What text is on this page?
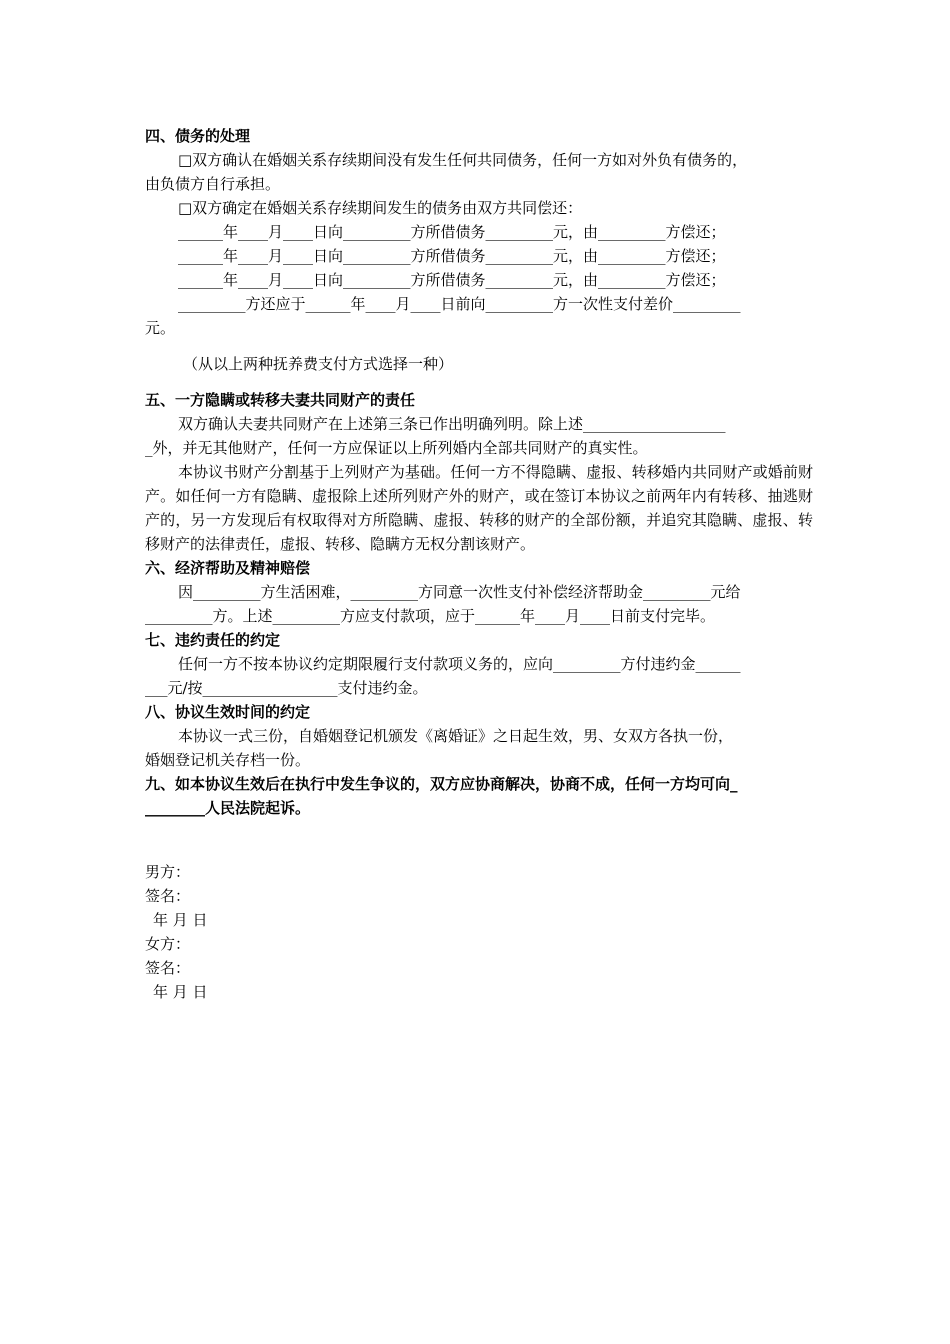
四、债务的处理
□双方确认在婚姻关系存续期间没有发生任何共同债务，任何一方如对外负有债务的，
由负债方自行承担。
□双方确定在婚姻关系存续期间发生的债务由双方共同偿还：
______年____月____日向_________方所借债务_________元，由_________方偿还；
______年____月____日向_________方所借债务_________元，由_________方偿还；
______年____月____日向_________方所借债务_________元，由_________方偿还；
_________方还应于______年____月____日前向_________方一次性支付差价_________
元。
（从以上两种抚养费支付方式选择一种）
五、一方隐瞒或转移夫妻共同财产的责任
双方确认夫妻共同财产在上述第三条已作出明确列明。除上述___________________
_外，并无其他财产，任何一方应保证以上所列婚内全部共同财产的真实性。
本协议书财产分割基于上列财产为基础。任何一方不得隐瞒、虚报、转移婚内共同财产或婚前财产。如任何一方有隐瞒、虚报除上述所列财产外的财产，或在签订本协议之前两年内有转移、抽逃财产的，另一方发现后有权取得对方所隐瞒、虚报、转移的财产的全部份额，并追究其隐瞒、虚报、转移财产的法律责任，虚报、转移、隐瞒方无权分割该财产。
六、经济帮助及精神赔偿
因_________方生活困难，_________方同意一次性支付补偿经济帮助金_________元给
_________方。上述_________方应支付款项，应于______年____月____日前支付完毕。
七、违约责任的约定
任何一方不按本协议约定期限履行支付款项义务的，应向_________方付违约金______
___元/按__________________支付违约金。
八、协议生效时间的约定
本协议一式三份，自婚姻登记机颁发《离婚证》之日起生效，男、女双方各执一份，
婚姻登记机关存档一份。
九、如本协议生效后在执行中发生争议的，双方应协商解决，协商不成，任何一方均可向_
________人民法院起诉。
男方：
签名：
年 月 日
女方：
签名：
年 月 日
